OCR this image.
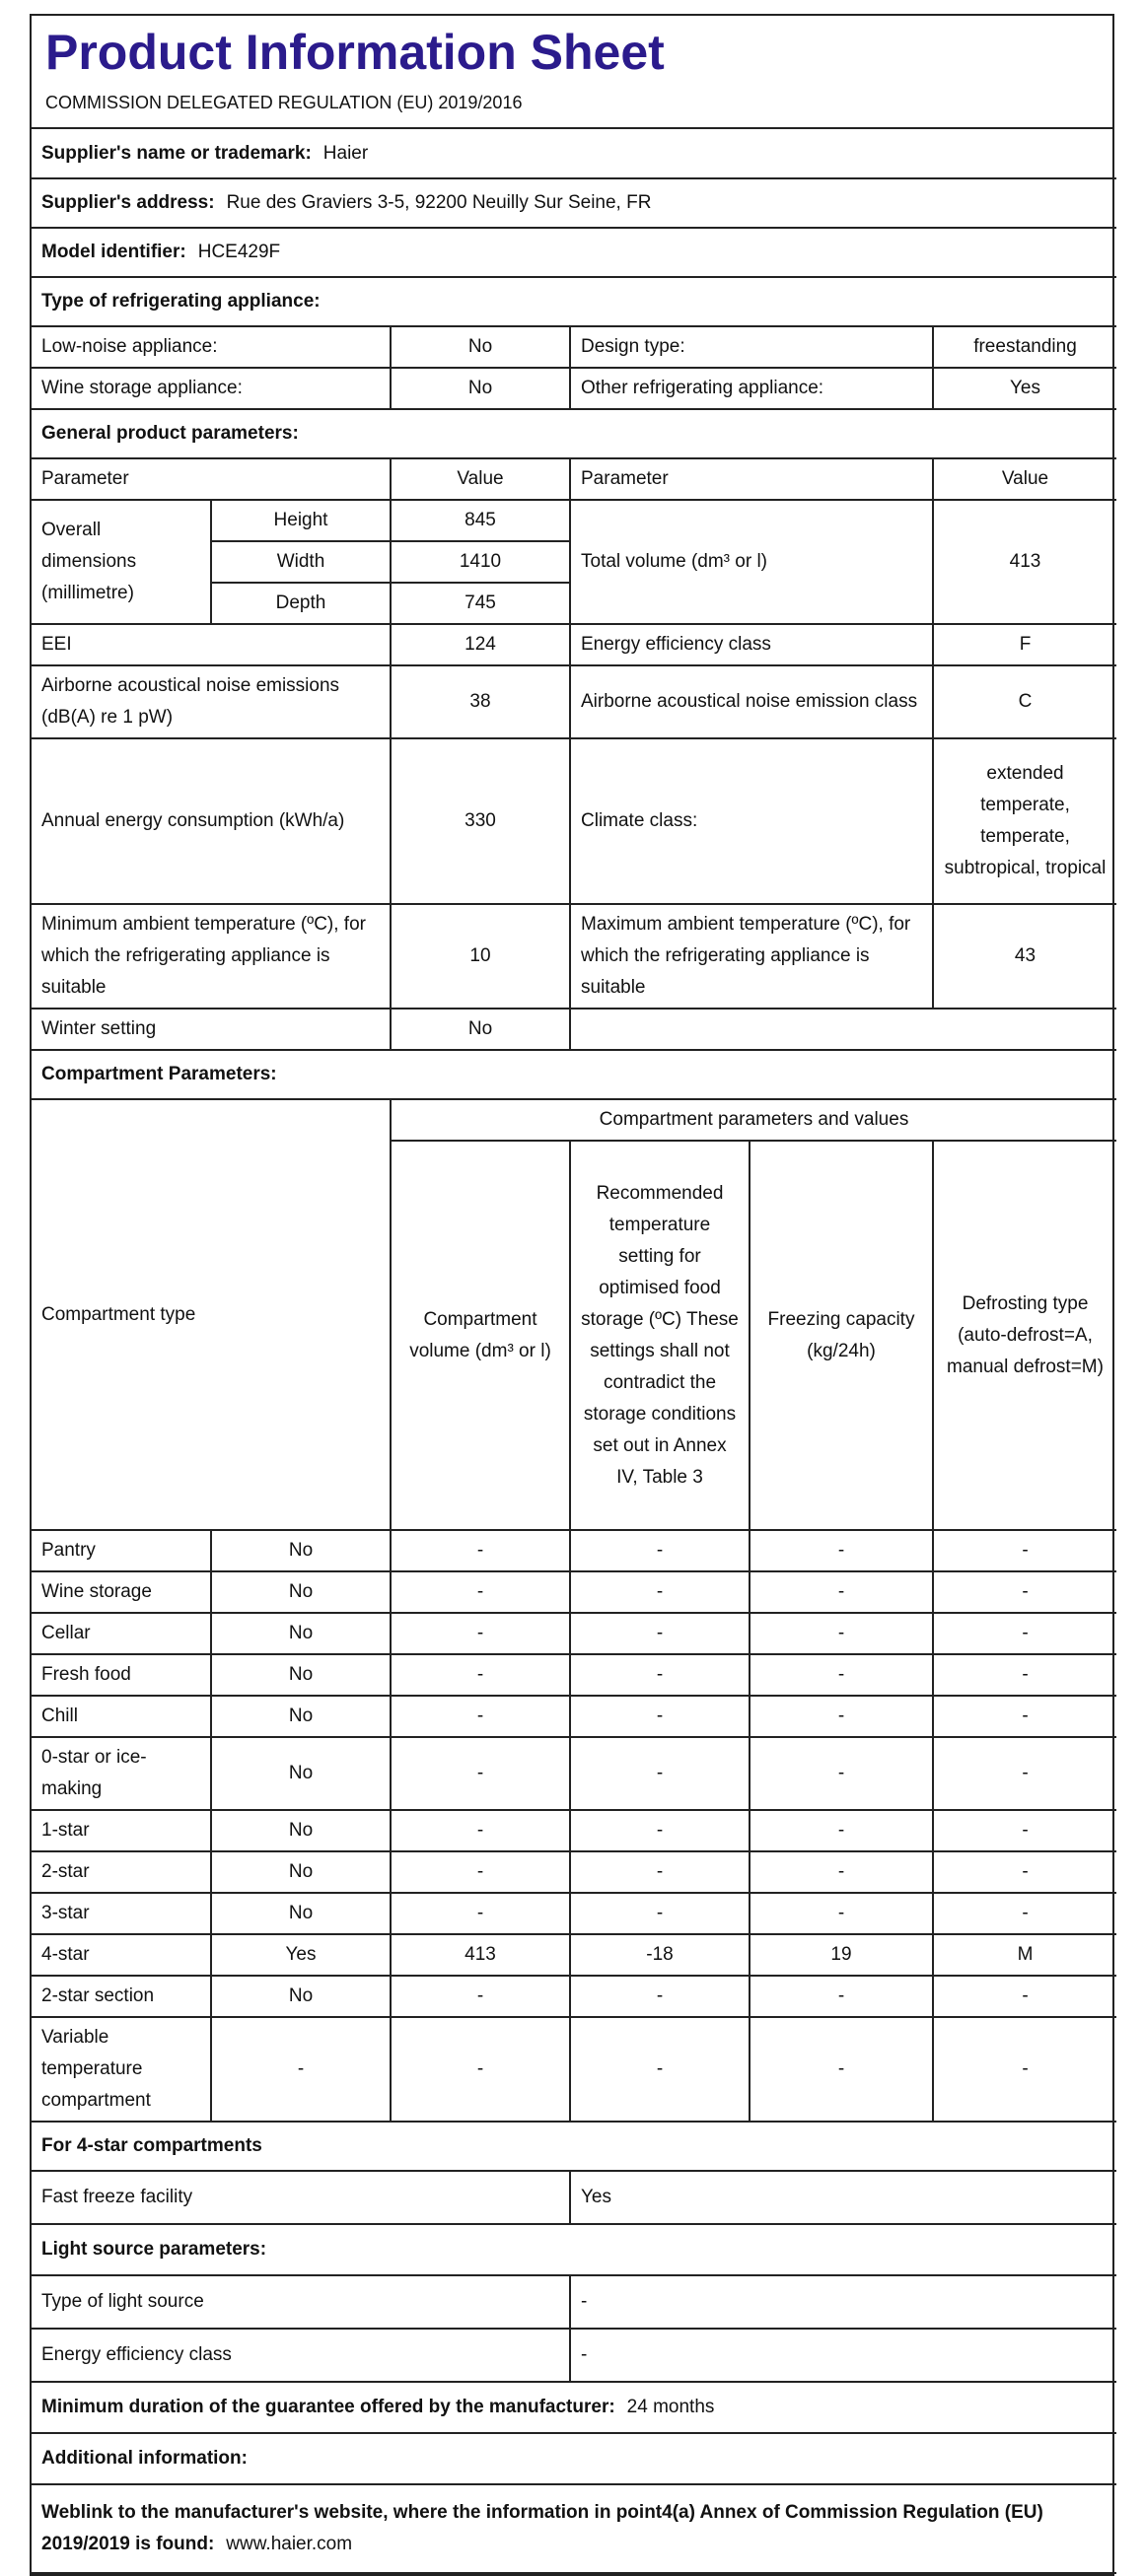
Product Information Sheet
COMMISSION DELEGATED REGULATION (EU) 2019/2016
Supplier's name or trademark: Haier					
Supplier's address: Rue des Graviers 3-5, 92200 Neuilly Sur Seine, FR					
Model identifier: HCE429F					
Type of refrigerating appliance:					
Low-noise appliance:		No	Design type:		freestanding
Wine storage appliance:		No	Other refrigerating appliance:		Yes
General product parameters:					
Parameter		Value	Parameter		Value
Overall dimensions (millimetre)	Height	845	Total volume (dm³ or l)		413
	Width	1410			
	Depth	745			
EEI		124	Energy efficiency class		F
Airborne acoustical noise emissions (dB(A) re 1 pW)		38	Airborne acoustical noise emission class		C
Annual energy consumption (kWh/a)		330	Climate class:		extended temperate, temperate, subtropical, tropical
Minimum ambient temperature (ºC), for which the refrigerating appliance is suitable		10	Maximum ambient temperature (ºC), for which the refrigerating appliance is suitable		43
Winter setting		No			
Compartment Parameters:					
Compartment type		Compartment parameters and values			
		Compartment volume (dm³ or l)	Recommended temperature setting for optimised food storage (ºC) These settings shall not contradict the storage conditions set out in Annex IV, Table 3	Freezing capacity (kg/24h)	Defrosting type (auto-defrost=A, manual defrost=M)
Pantry	No	-	-	-	-
Wine storage	No	-	-	-	-
Cellar	No	-	-	-	-
Fresh food	No	-	-	-	-
Chill	No	-	-	-	-
0-star or ice-making	No	-	-	-	-
1-star	No	-	-	-	-
2-star	No	-	-	-	-
3-star	No	-	-	-	-
4-star	Yes	413	-18	19	M
2-star section	No	-	-	-	-
Variable temperature compartment	-	-	-	-	-
For 4-star compartments					
Fast freeze facility			Yes		
Light source parameters:					
Type of light source			-		
Energy efficiency class			-		
Minimum duration of the guarantee offered by the manufacturer: 24 months					
Additional information:					
Weblink to the manufacturer's website, where the information in point4(a) Annex of Commission Regulation (EU) 2019/2019 is found: www.haier.com					
